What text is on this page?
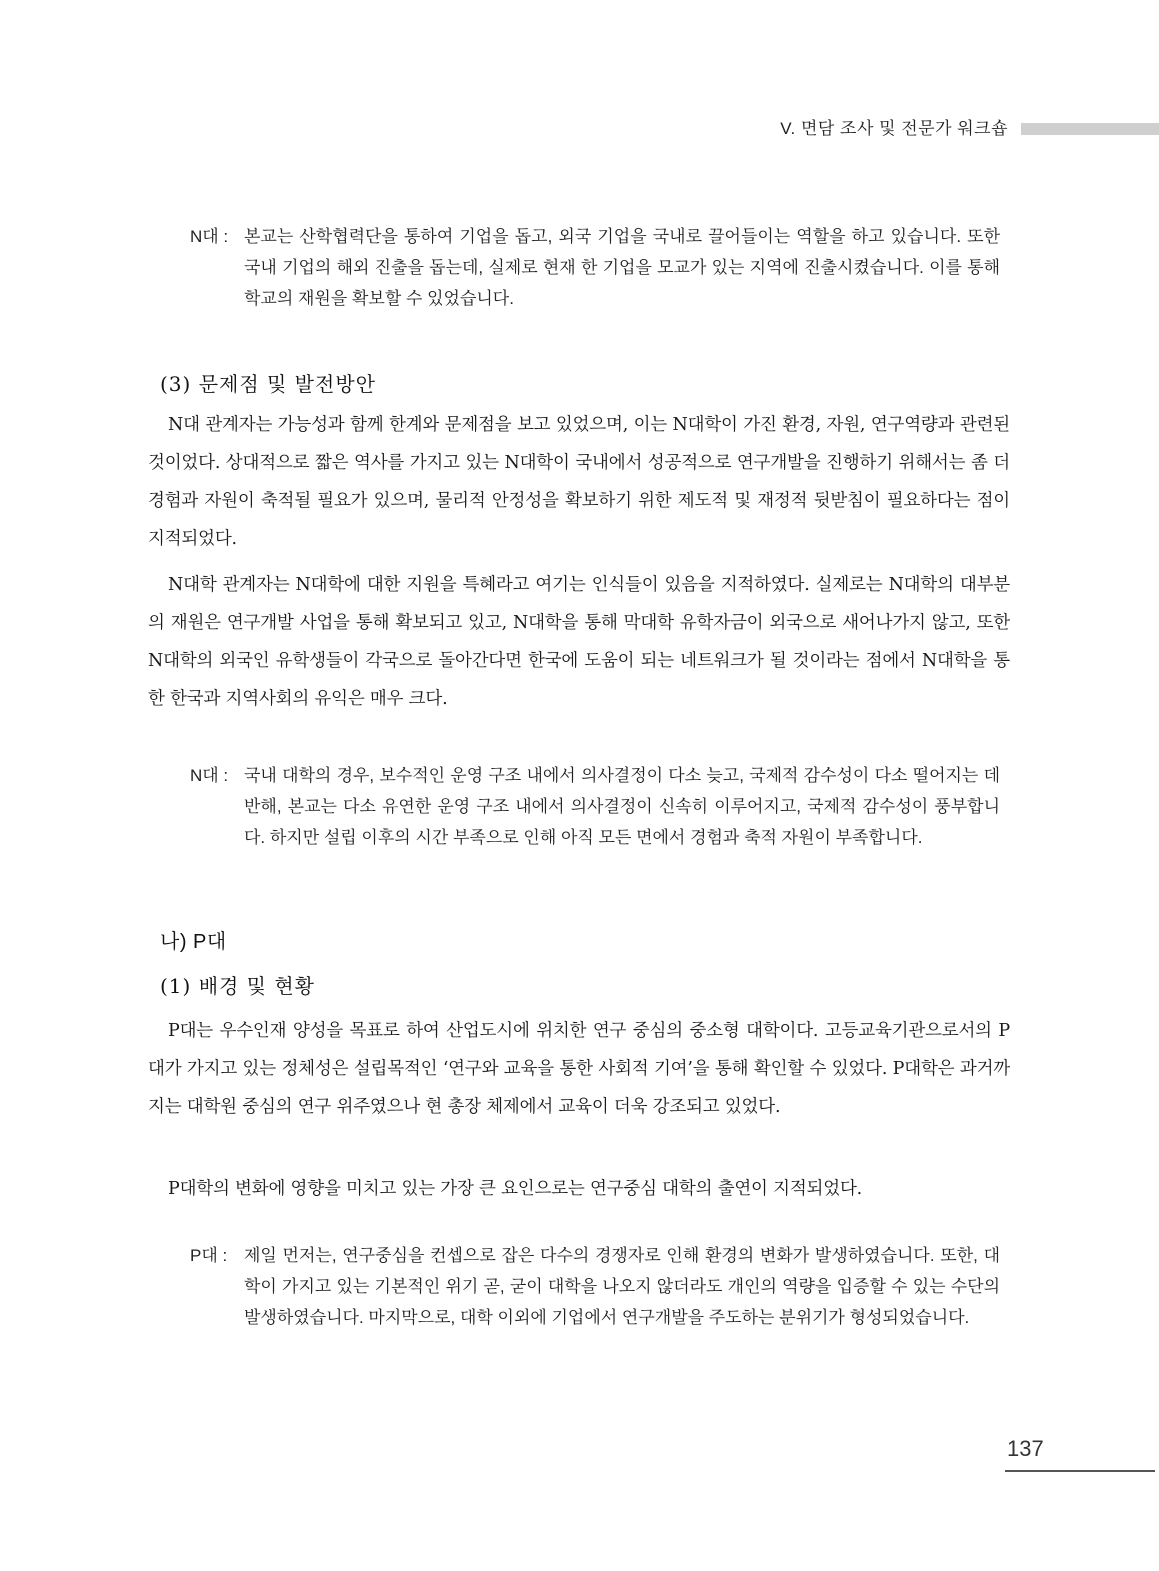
V. 면담 조사 및 전문가 워크숍
N대 : 본교는 산학협력단을 통하여 기업을 돕고, 외국 기업을 국내로 끌어들이는 역할을 하고 있습니다. 또한 국내 기업의 해외 진출을 돕는데, 실제로 현재 한 기업을 모교가 있는 지역에 진출시켰습니다. 이를 통해 학교의 재원을 확보할 수 있었습니다.
(3) 문제점 및 발전방안
N대 관계자는 가능성과 함께 한계와 문제점을 보고 있었으며, 이는 N대학이 가진 환경, 자원, 연구역량과 관련된 것이었다. 상대적으로 짧은 역사를 가지고 있는 N대학이 국내에서 성공적으로 연구개발을 진행하기 위해서는 좀 더 경험과 자원이 축적될 필요가 있으며, 물리적 안정성을 확보하기 위한 제도적 및 재정적 뒷받침이 필요하다는 점이 지적되었다.
N대학 관계자는 N대학에 대한 지원을 특혜라고 여기는 인식들이 있음을 지적하였다. 실제로는 N대학의 대부분의 재원은 연구개발 사업을 통해 확보되고 있고, N대학을 통해 막대학 유학자금이 외국으로 새어나가지 않고, 또한 N대학의 외국인 유학생들이 각국으로 돌아간다면 한국에 도움이 되는 네트워크가 될 것이라는 점에서 N대학을 통한 한국과 지역사회의 유익은 매우 크다.
N대 : 국내 대학의 경우, 보수적인 운영 구조 내에서 의사결정이 다소 늦고, 국제적 감수성이 다소 떨어지는 데 반해, 본교는 다소 유연한 운영 구조 내에서 의사결정이 신속히 이루어지고, 국제적 감수성이 풍부합니다. 하지만 설립 이후의 시간 부족으로 인해 아직 모든 면에서 경험과 축적 자원이 부족합니다.
나) P대
(1) 배경 및 현황
P대는 우수인재 양성을 목표로 하여 산업도시에 위치한 연구 중심의 중소형 대학이다. 고등교육기관으로서의 P대가 가지고 있는 정체성은 설립목적인 ‘연구와 교육을 통한 사회적 기여’을 통해 확인할 수 있었다. P대학은 과거까지는 대학원 중심의 연구 위주였으나 현 총장 체제에서 교육이 더욱 강조되고 있었다.
P대학의 변화에 영향을 미치고 있는 가장 큰 요인으로는 연구중심 대학의 출연이 지적되었다.
P대 : 제일 먼저는, 연구중심을 컨셉으로 잡은 다수의 경쟁자로 인해 환경의 변화가 발생하였습니다. 또한, 대학이 가지고 있는 기본적인 위기 곧, 굳이 대학을 나오지 않더라도 개인의 역량을 입증할 수 있는 수단의 발생하였습니다. 마지막으로, 대학 이외에 기업에서 연구개발을 주도하는 분위기가 형성되었습니다.
137
